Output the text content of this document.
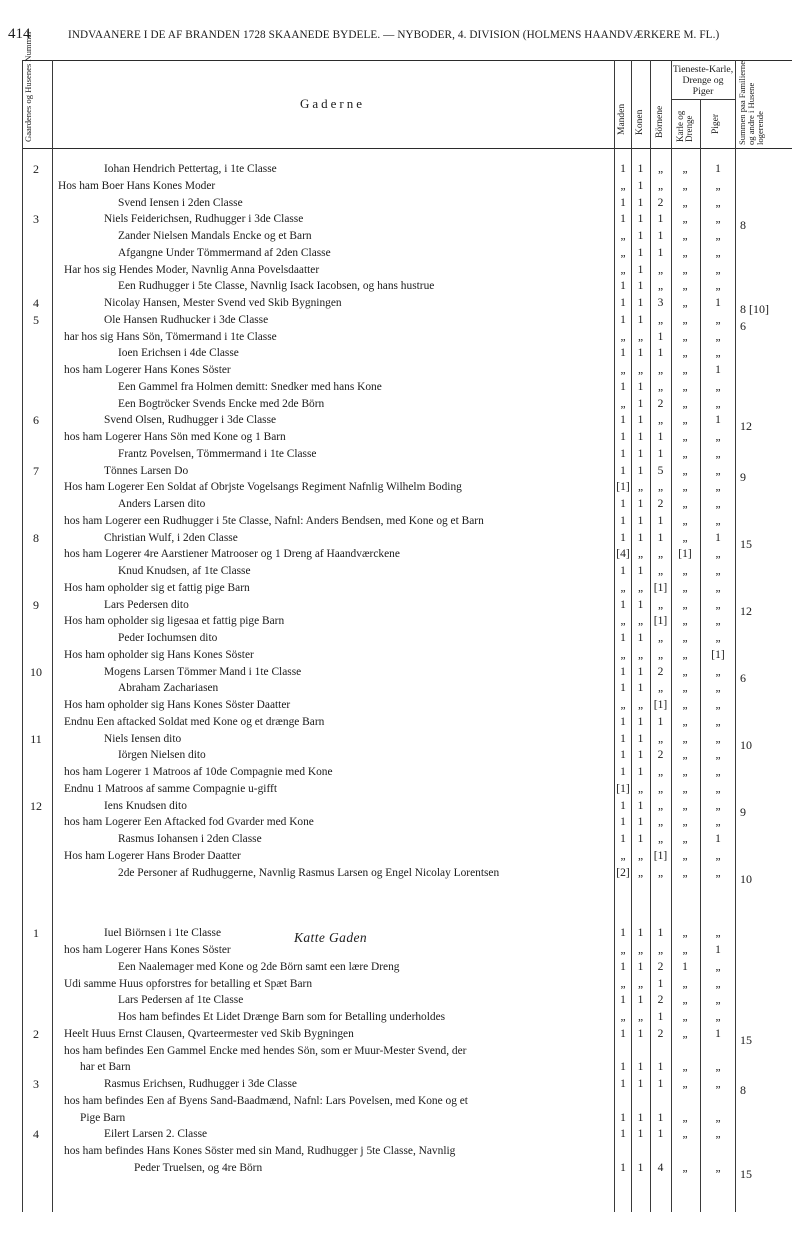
414	INDVAANERE I DE AF BRANDEN 1728 SKAANEDE BYDELE. — NYBODER, 4. DIVISION (HOLMENS HAANDVÆRKERE M. FL.)
Gaardenes og Husenes Nummer	Gaderne
Manden Konen Börnene
Tieneste-Karle, Drenge og Piger
Karle og Drenge Piger Summen paa Familierne og andre i Husene logerende
Katte Gaden
2	Iohan Hendrich Pettertag, i 1te Classe	1	1	„	„	1
Hos ham Boer Hans Kones Moder	„	1	„	„	„
Svend Iensen i 2den Classe	1	1	2	„	„
3	Niels Feiderichsen, Rudhugger i 3de Classe	1	1	1	„	„	8
Zander Nielsen Mandals Encke og et Barn	„	1	1	„	„
Afgangne Under Tömmermand af 2den Classe	„	1	1	„	„
Har hos sig Hendes Moder, Navnlig Anna Povelsdaatter	„	1	„	„	„
Een Rudhugger i 5te Classe, Navnlig Isack Iacobsen, og hans hustrue	1	1	„	„	„
4	Nicolay Hansen, Mester Svend ved Skib Bygningen	1	1	3	„	1	8 [10]
5	Ole Hansen Rudhucker i 3de Classe	1	1	„	„	„	6
har hos sig Hans Sön, Tömermand i 1te Classe	„	„	1	„	„
Ioen Erichsen i 4de Classe	1	1	1	„	„
hos ham Logerer Hans Kones Söster	„	„	„	„	1
Een Gammel fra Holmen demitt: Snedker med hans Kone	1	1	„	„	„
Een Bogtröcker Svends Encke med 2de Börn	„	1	2	„	„
6	Svend Olsen, Rudhugger i 3de Classe	1	1	„	„	1	12
hos ham Logerer Hans Sön med Kone og 1 Barn	1	1	1	„	„
Frantz Povelsen, Tömmermand i 1te Classe	1	1	1	„	„
7	Tönnes Larsen Do	1	1	5	„	„	9
Hos ham Logerer Een Soldat af Obrjste Vogelsangs Regiment Nafnlig Wilhelm Boding	[1] „	„	„	„
Anders Larsen dito	1	1	2	„	„
hos ham Logerer een Rudhugger i 5te Classe, Nafnl: Anders Bendsen, med Kone og et Barn	1	1	1	„	„
8	Christian Wulf, i 2den Classe	1	1	1	„	1	15
hos ham Logerer 4re Aarstiener Matrooser og 1 Dreng af Haandværckene	[4] „	„	[1]	„
Knud Knudsen, af 1te Classe	1	1	„	„	„
Hos ham opholder sig et fattig pige Barn	„	„ [1]	„	„
9	Lars Pedersen dito	1	1	„	„	„	12
Hos ham opholder sig ligesaa et fattig pige Barn	„	„ [1]	„	„
Peder Iochumsen dito	1	1	„	„	„
Hos ham opholder sig Hans Kones Söster	„	„	„	„	[1]
10	Mogens Larsen Tömmer Mand i 1te Classe	1	1	2	„	„	6
Abraham Zachariasen	1	1	„	„	„
Hos ham opholder sig Hans Kones Söster Daatter	„	„ [1]	„	„
Endnu Een aftacked Soldat med Kone og et drænge Barn	1	1	1	„	„
11	Niels Iensen dito	1	1	„	„	„	10
Iörgen Nielsen dito	1	1	2	„	„
hos ham Logerer 1 Matroos af 10de Compagnie med Kone	1	1	„	„	„
Endnu 1 Matroos af samme Compagnie u-gifft	[1] „	„	„	„
12	Iens Knudsen dito	1	1	„	„	„	9
hos ham Logerer Een Aftacked fod Gvarder med Kone	1	1	„	„	„
Rasmus Iohansen i 2den Classe	1	1	„	„	1
Hos ham Logerer Hans Broder Daatter	„	„ [1]	„	„
2de Personer af Rudhuggerne, Navnlig Rasmus Larsen og Engel Nicolay Lorentsen	[2] „	„	„	„	10
1	Iuel Biörnsen i 1te Classe	1	1	1	„	„
hos ham Logerer Hans Kones Söster	„	„	„	„	1
Een Naalemager med Kone og 2de Börn samt een lære Dreng	1	1	2	1	„
Udi samme Huus opforstres for betalling et Spæt Barn	„	„	1	„	„
Lars Pedersen af 1te Classe	1	1	2	„	„
Hos ham befindes Et Lidet Drænge Barn som for Betalling underholdes	„	„	1	„	„
2	Heelt Huus Ernst Clausen, Qvarteermester ved Skib Bygningen	1	1	2	„	1	15
hos ham befindes Een Gammel Encke med hendes Sön, som er Muur-Mester Svend, der
har et Barn	1	1	1	„	„
3	Rasmus Erichsen, Rudhugger i 3de Classe	1	1	1	„	„	8
hos ham befindes Een af Byens Sand-Baadmænd, Nafnl: Lars Povelsen, med Kone og et
Pige Barn	1	1	1	„	„
4	Eilert Larsen 2. Classe	1	1	1	„	„
hos ham befindes Hans Kones Söster med sin Mand, Rudhugger j 5te Classe, Navnlig
Peder Truelsen, og 4re Börn	1	1	4	„	„	15
